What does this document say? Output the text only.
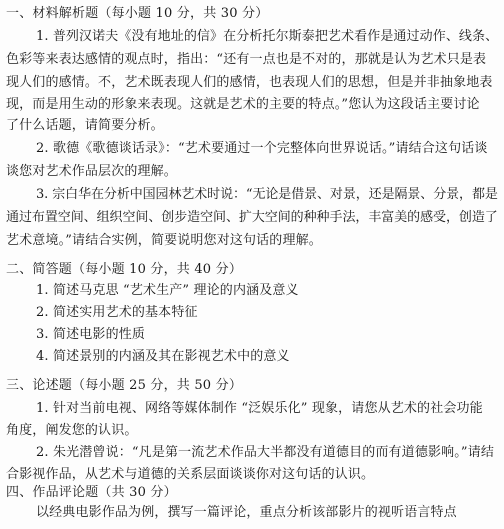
一、材料解析题（每小题 10 分，共 30 分）
1. 普列汉诺夫《没有地址的信》在分析托尔斯泰把艺术看作是通过动作、线条、
色彩等来表达感情的观点时，指出：“还有一点也是不对的，那就是认为艺术只是表
现人们的感情。不，艺术既表现人们的感情，也表现人们的思想，但是并非抽象地表
现，而是用生动的形象来表现。这就是艺术的主要的特点。”您认为这段话主要讨论
了什么话题，请简要分析。
2. 歌德《歌德谈话录》：“艺术要通过一个完整体向世界说话。”请结合这句话谈
谈您对艺术作品层次的理解。
3. 宗白华在分析中国园林艺术时说：“无论是借景、对景，还是隔景、分景，都是
通过布置空间、组织空间、创步造空间、扩大空间的种种手法，丰富美的感受，创造了
艺术意境。”请结合实例，简要说明您对这句话的理解。
二、简答题（每小题 10 分，共 40 分）
1. 简述马克思 “艺术生产” 理论的内涵及意义
2. 简述实用艺术的基本特征
3. 简述电影的性质
4. 简述景别的内涵及其在影视艺术中的意义
三、论述题（每小题 25 分，共 50 分）
1. 针对当前电视、网络等媒体制作 “泛娱乐化” 现象，请您从艺术的社会功能
角度，阐发您的认识。
2. 朱光潜曾说：“凡是第一流艺术作品大半都没有道德目的而有道德影响。”请结
合影视作品，从艺术与道德的关系层面谈谈你对这句话的认识。
四、作品评论题（共 30 分）
以经典电影作品为例，撰写一篇评论，重点分析该部影片的视听语言特点
